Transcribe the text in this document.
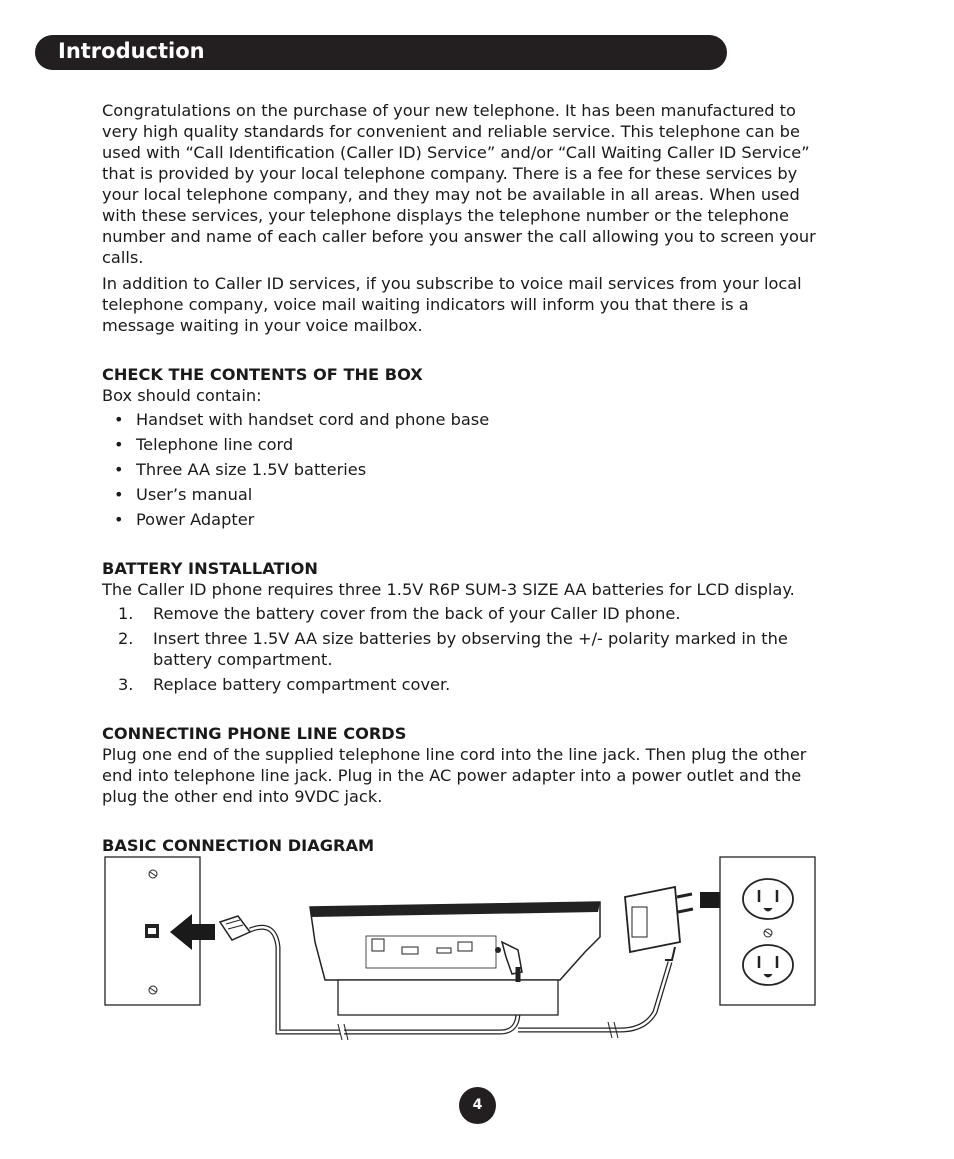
Introduction

Congratulations on the purchase of your new telephone. It has been manufactured to very high quality standards for convenient and reliable service. This telephone can be used with “Call Identification (Caller ID) Service” and/or “Call Waiting Caller ID Service” that is provided by your local telephone company. There is a fee for these services by your local telephone company, and they may not be available in all areas. When used with these services, your telephone displays the telephone number or the telephone number and name of each caller before you answer the call allowing you to screen your calls.

In addition to Caller ID services, if you subscribe to voice mail services from your local telephone company, voice mail waiting indicators will inform you that there is a message waiting in your voice mailbox.

CHECK THE CONTENTS OF THE BOX

Box should contain:

• Handset with handset cord and phone base
• Telephone line cord
• Three AA size 1.5V batteries
• User’s manual
• Power Adapter
BATTERY INSTALLATION

The Caller ID phone requires three 1.5V R6P SUM-3 SIZE AA batteries for LCD display.

1. Remove the battery cover from the back of your Caller ID phone.
2. Insert three 1.5V AA size batteries by observing the +/- polarity marked in the battery compartment.
3. Replace battery compartment cover.
CONNECTING PHONE LINE CORDS

Plug one end of the supplied telephone line cord into the line jack. Then plug the other end into telephone line jack. Plug in the AC power adapter into a power outlet and the plug the other end into 9VDC jack.

BASIC CONNECTION DIAGRAM
4
